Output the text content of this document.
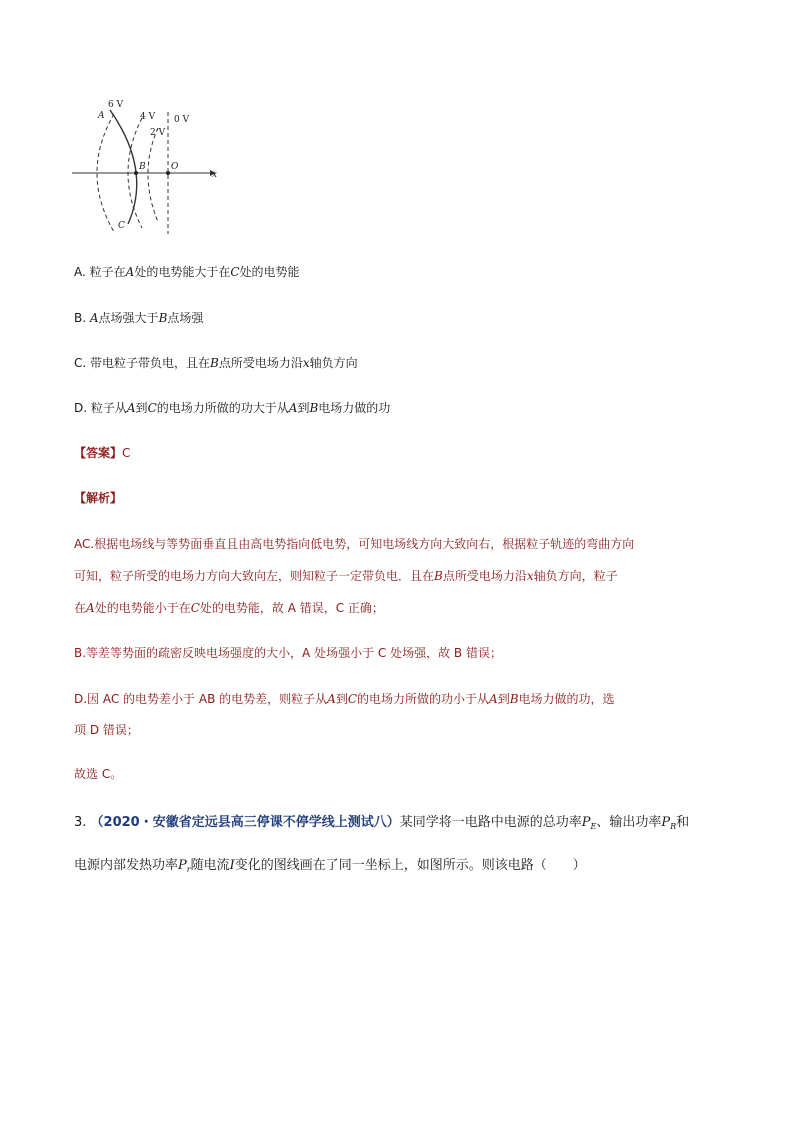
6 V
4 V
2 V
0 V
A
B	O
C
x
A. 粒子在A处的电势能大于在C处的电势能
B. A点场强大于B点场强
C. 带电粒子带负电，且在B点所受电场力沿x轴负方向
D. 粒子从A到C的电场力所做的功大于从A到B电场力做的功
【答案】C
【解析】
AC.根据电场线与等势面垂直且由高电势指向低电势，可知电场线方向大致向右，根据粒子轨迹的弯曲方向
可知，粒子所受的电场力方向大致向左，则知粒子一定带负电．且在B点所受电场力沿x轴负方向，粒子
在A处的电势能小于在C处的电势能，故 A 错误，C 正确；
B.等差等势面的疏密反映电场强度的大小，A 处场强小于 C 处场强，故 B 错误；
D.因 AC 的电势差小于 AB 的电势差，则粒子从A到C的电场力所做的功小于从A到B电场力做的功，选
项 D 错误；
故选 C。
3. （2020・安徽省定远县高三停课不停学线上测试八）某同学将一电路中电源的总功率$P_E$、输出功率$P_R$和
电源内部发热功率$P_r$随电流I变化的图线画在了同一坐标上，如图所示。则该电路（　　）
